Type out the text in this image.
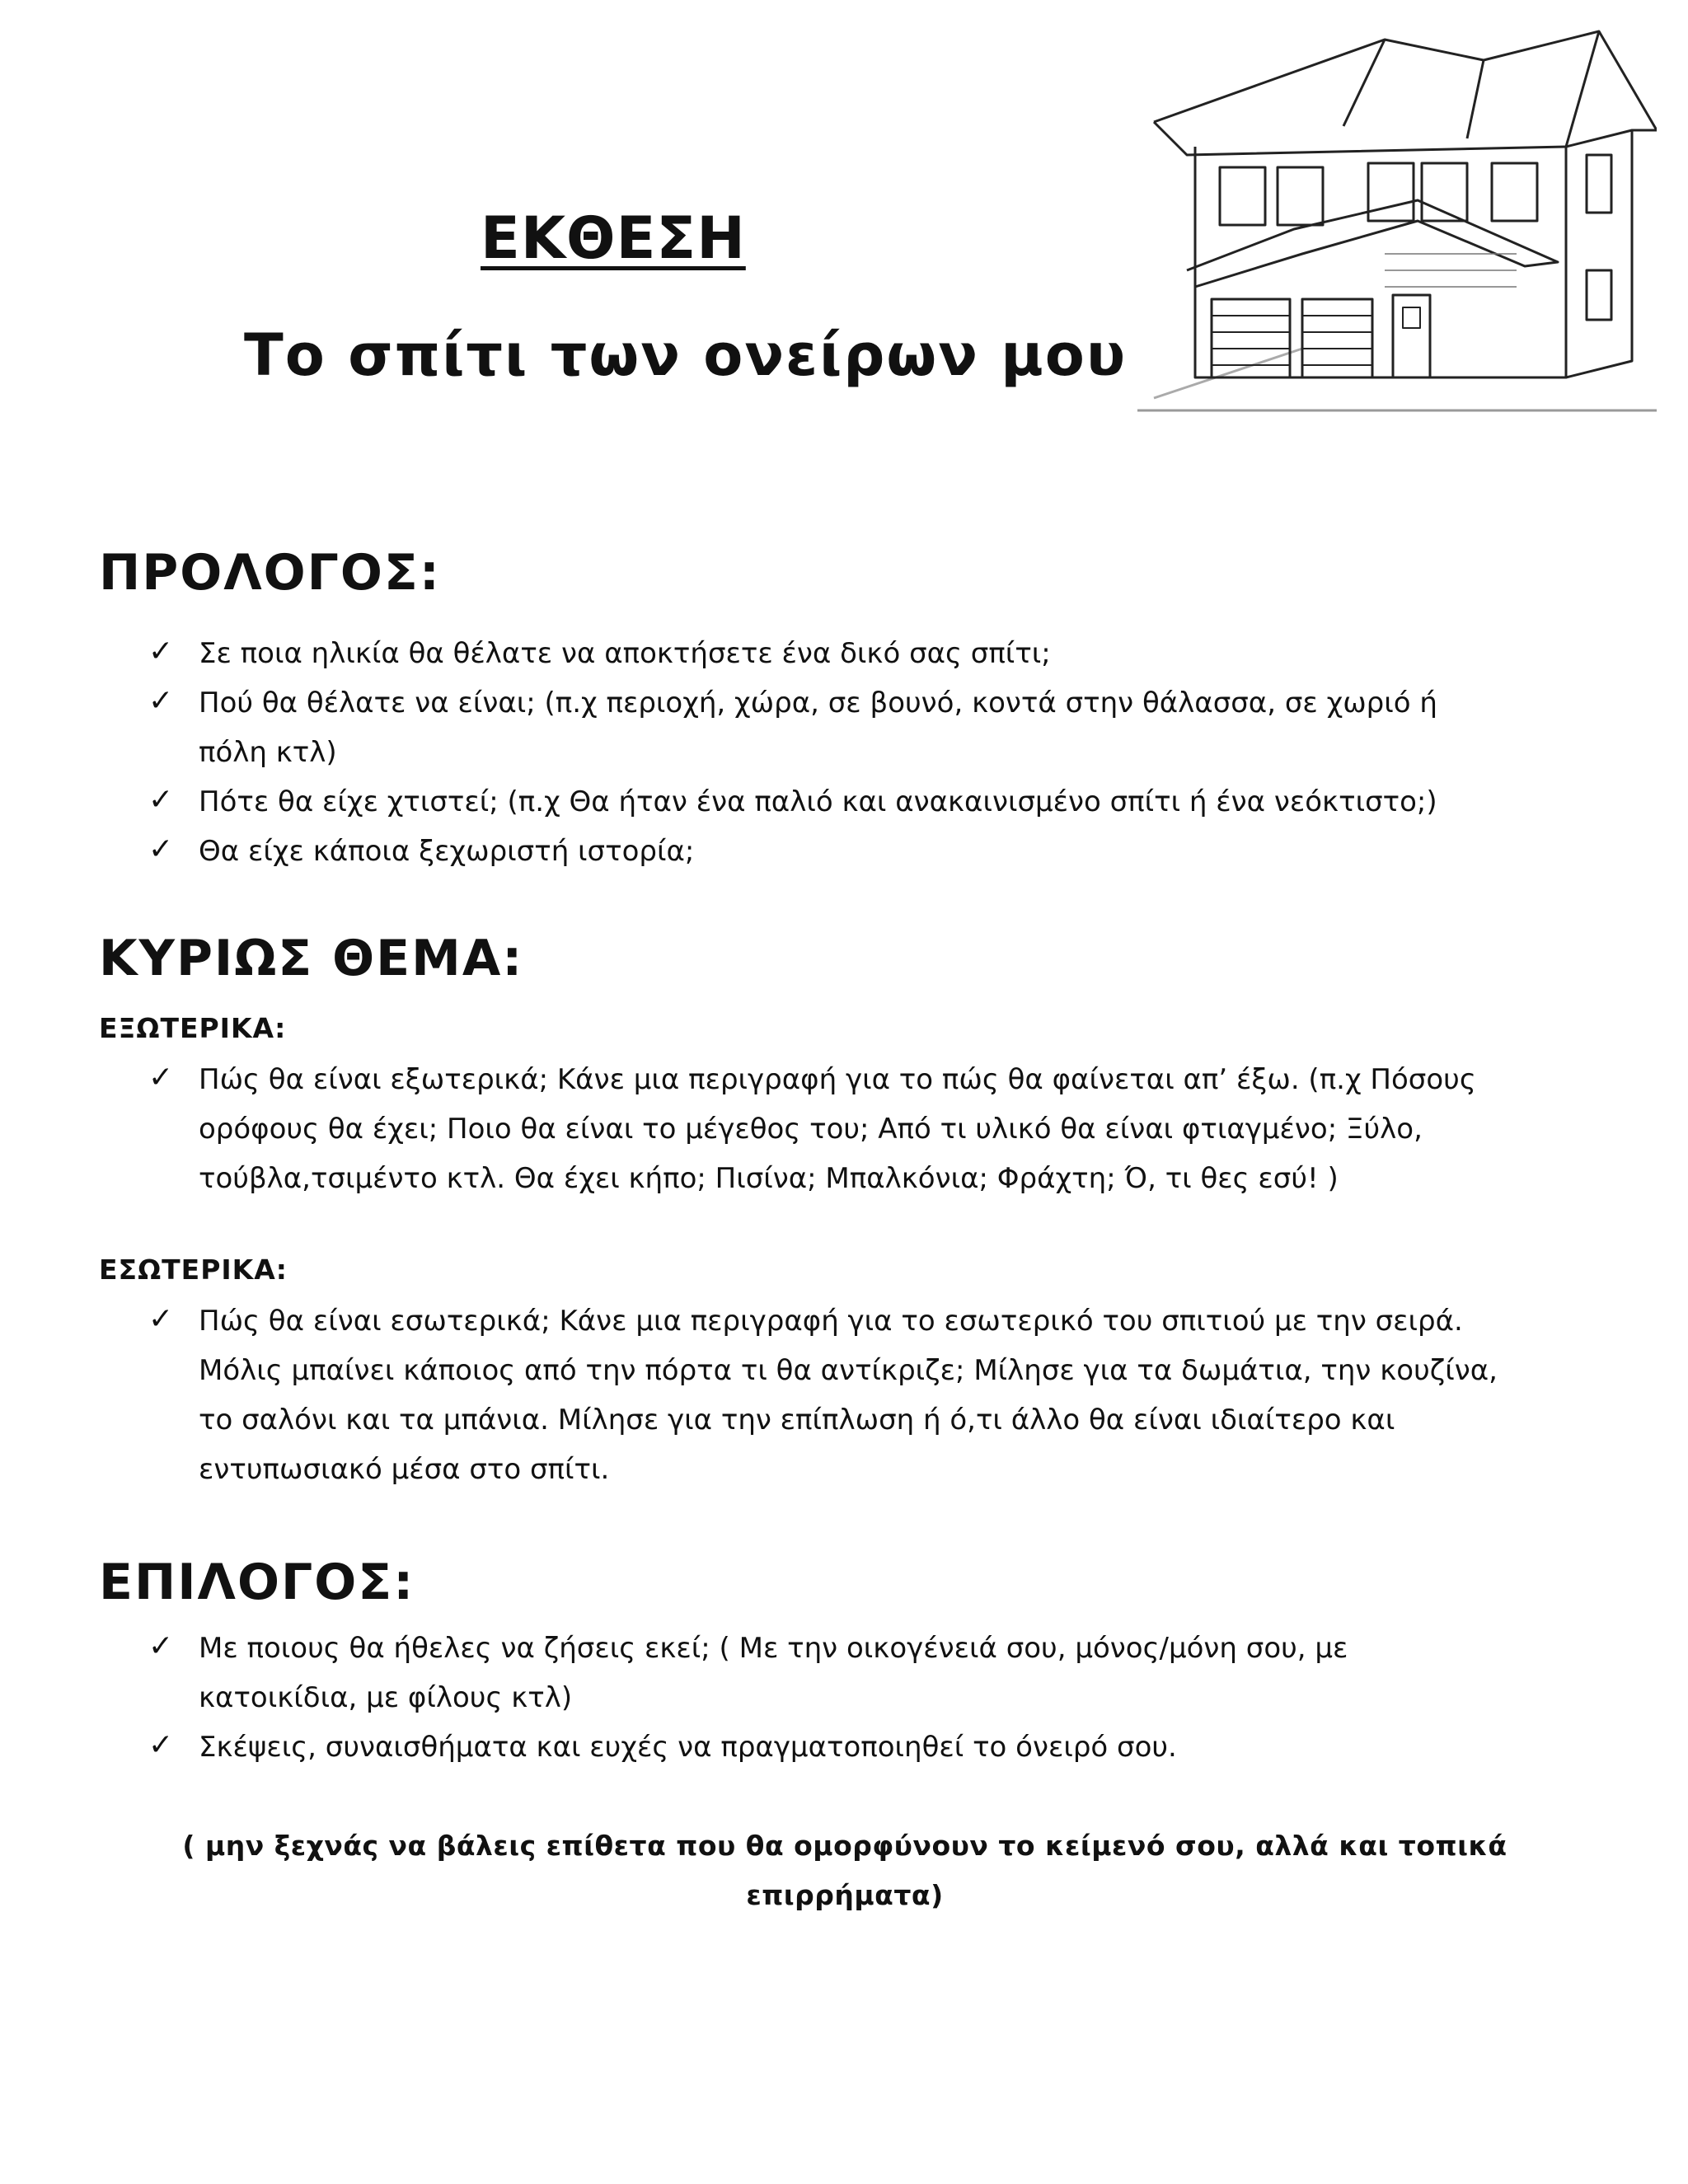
ΕΚΘΕΣΗ
Το σπίτι των ονείρων μου
ΠΡΟΛΟΓΟΣ:
✓ Σε ποια ηλικία θα θέλατε να αποκτήσετε ένα δικό σας σπίτι;
✓ Πού θα θέλατε να είναι; (π.χ περιοχή, χώρα, σε βουνό, κοντά στην θάλασσα, σε χωριό ή πόλη κτλ)
✓ Πότε θα είχε χτιστεί; (π.χ Θα ήταν ένα παλιό και ανακαινισμένο σπίτι ή ένα νεόκτιστο;)
✓ Θα είχε κάποια ξεχωριστή ιστορία;
ΚΥΡΙΩΣ ΘΕΜΑ:
ΕΞΩΤΕΡΙΚΑ:
✓ Πώς θα είναι εξωτερικά; Κάνε μια περιγραφή για το πώς θα φαίνεται απ’ έξω. (π.χ Πόσους ορόφους θα έχει; Ποιο θα είναι το μέγεθος του; Από τι υλικό θα είναι φτιαγμένο; Ξύλο, τούβλα,τσιμέντο κτλ. Θα έχει κήπο; Πισίνα; Μπαλκόνια; Φράχτη; Ό, τι θες εσύ! )
ΕΣΩΤΕΡΙΚΑ:
✓ Πώς θα είναι εσωτερικά; Κάνε μια περιγραφή για το εσωτερικό του σπιτιού με την σειρά. Μόλις μπαίνει κάποιος από την πόρτα τι θα αντίκριζε; Μίλησε για τα δωμάτια, την κουζίνα, το σαλόνι και τα μπάνια. Μίλησε για την επίπλωση ή ό,τι άλλο θα είναι ιδιαίτερο και εντυπωσιακό μέσα στο σπίτι.
ΕΠΙΛΟΓΟΣ:
✓ Με ποιους θα ήθελες να ζήσεις εκεί; ( Με την οικογένειά σου, μόνος/μόνη σου, με κατοικίδια, με φίλους κτλ)
✓ Σκέψεις, συναισθήματα και ευχές να πραγματοποιηθεί το όνειρό σου.

( μην ξεχνάς να βάλεις επίθετα που θα ομορφύνουν το κείμενό σου, αλλά και τοπικά επιρρήματα)
